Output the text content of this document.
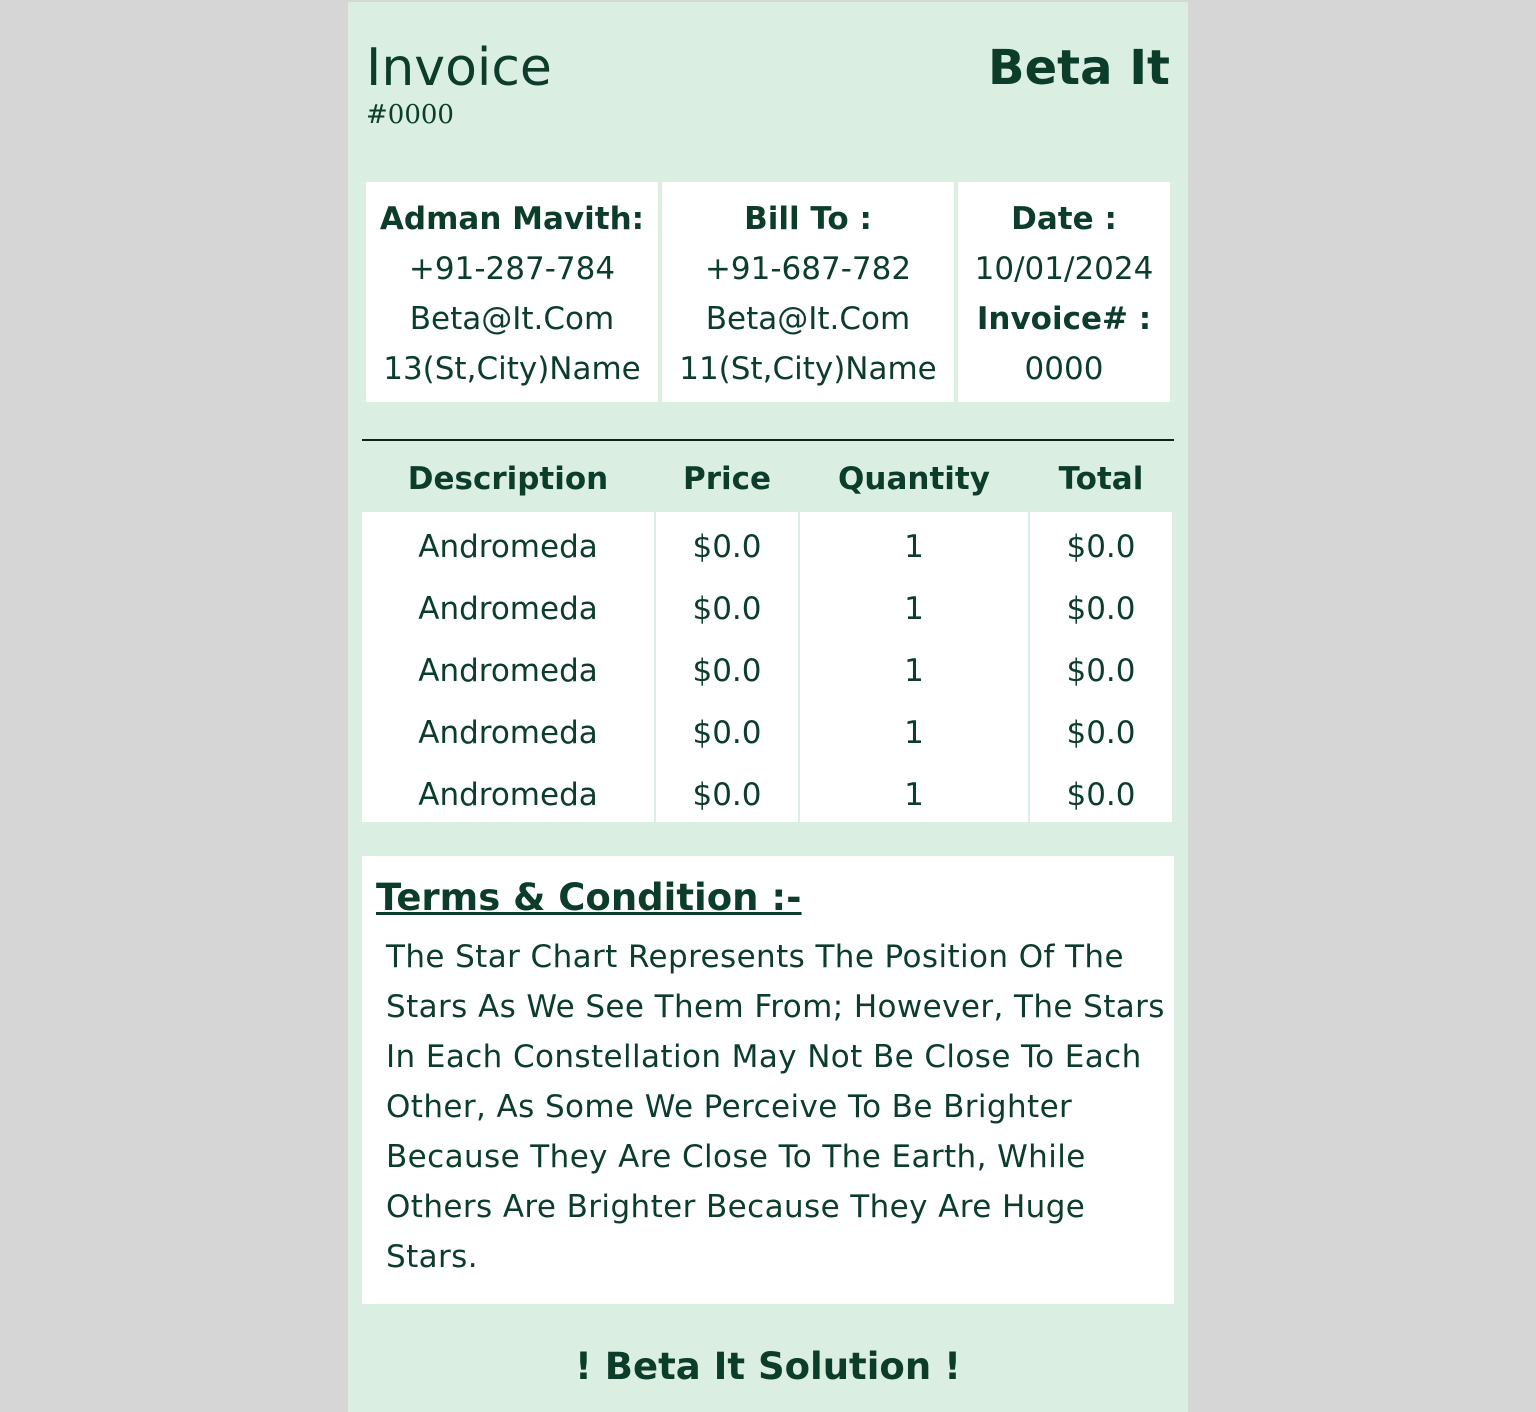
Invoice
#0000
Beta It
Adman Mavith:
+91-287-784
Beta@It.Com
13(St,City)Name
Bill To :
+91-687-782
Beta@It.Com
11(St,City)Name
Date :
10/01/2024
Invoice# :
0000
Description	Price	Quantity	Total
Andromeda	$0.0	1	$0.0
Andromeda	$0.0	1	$0.0
Andromeda	$0.0	1	$0.0
Andromeda	$0.0	1	$0.0
Andromeda	$0.0	1	$0.0
Terms & Condition :-
The Star Chart Represents The Position Of The Stars As We See Them From; However, The Stars In Each Constellation May Not Be Close To Each Other, As Some We Perceive To Be Brighter Because They Are Close To The Earth, While Others Are Brighter Because They Are Huge Stars.
! Beta It Solution !
